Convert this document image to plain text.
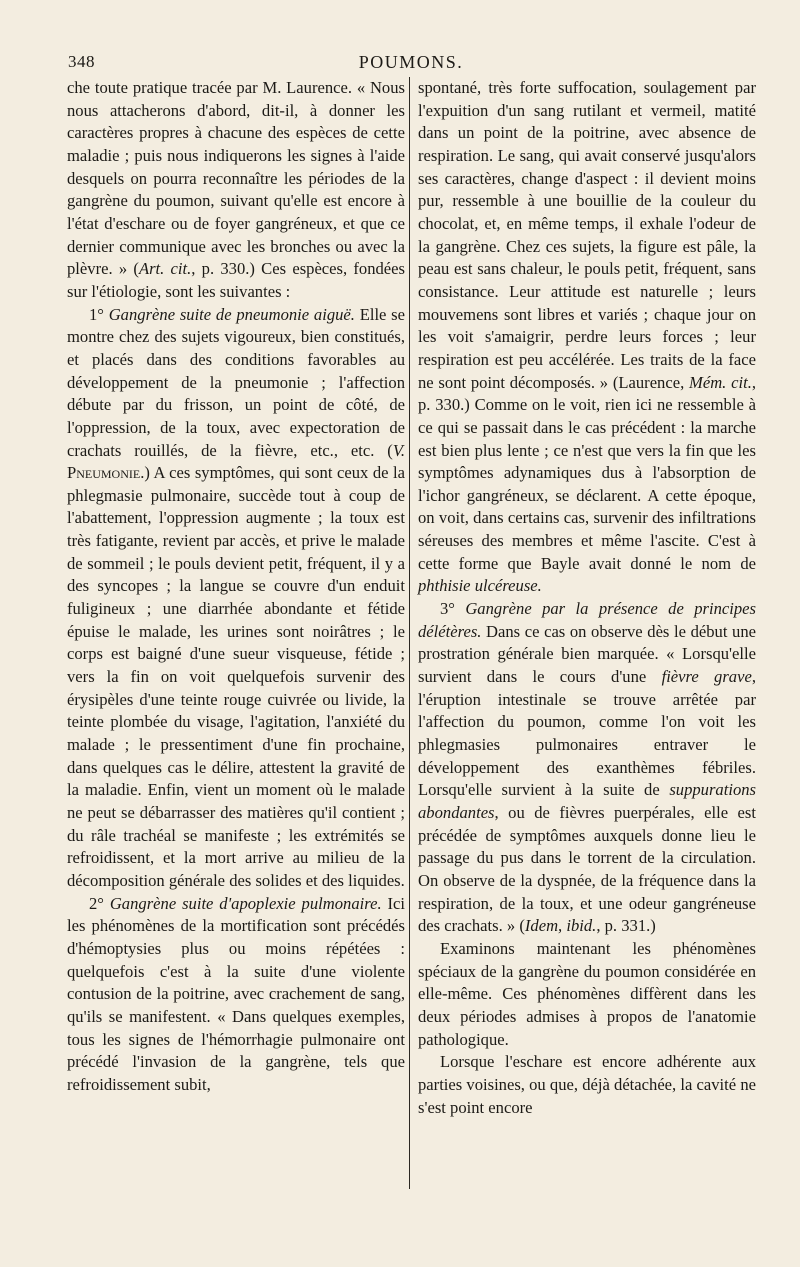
348	POUMONS.

che toute pratique tracée par M. Laurence. « Nous nous attacherons d'abord, dit-il, à donner les caractères propres à chacune des espèces de cette maladie ; puis nous indiquerons les signes à l'aide desquels on pourra reconnaître les périodes de la gangrène du poumon, suivant qu'elle est encore à l'état d'eschare ou de foyer gangréneux, et que ce dernier communique avec les bronches ou avec la plèvre. » (Art. cit., p. 330.) Ces espèces, fondées sur l'étiologie, sont les suivantes :

1° Gangrène suite de pneumonie aiguë. Elle se montre chez des sujets vigoureux, bien constitués, et placés dans des conditions favorables au développement de la pneumonie ; l'affection débute par du frisson, un point de côté, de l'oppression, de la toux, avec expectoration de crachats rouillés, de la fièvre, etc., etc. (V. Pneumonie.) A ces symptômes, qui sont ceux de la phlegmasie pulmonaire, succède tout à coup de l'abattement, l'oppression augmente ; la toux est très fatigante, revient par accès, et prive le malade de sommeil ; le pouls devient petit, fréquent, il y a des syncopes ; la langue se couvre d'un enduit fuligineux ; une diarrhée abondante et fétide épuise le malade, les urines sont noirâtres ; le corps est baigné d'une sueur visqueuse, fétide ; vers la fin on voit quelquefois survenir des érysipèles d'une teinte rouge cuivrée ou livide, la teinte plombée du visage, l'agitation, l'anxiété du malade ; le pressentiment d'une fin prochaine, dans quelques cas le délire, attestent la gravité de la maladie. Enfin, vient un moment où le malade ne peut se débarrasser des matières qu'il contient ; du râle trachéal se manifeste ; les extrémités se refroidissent, et la mort arrive au milieu de la décomposition générale des solides et des liquides.

2° Gangrène suite d'apoplexie pulmonaire. Ici les phénomènes de la mortification sont précédés d'hémoptysies plus ou moins répétées : quelquefois c'est à la suite d'une violente contusion de la poitrine, avec crachement de sang, qu'ils se manifestent. « Dans quelques exemples, tous les signes de l'hémorrhagie pulmonaire ont précédé l'invasion de la gangrène, tels que refroidissement subit,

spontané, très forte suffocation, soulagement par l'expuition d'un sang rutilant et vermeil, matité dans un point de la poitrine, avec absence de respiration. Le sang, qui avait conservé jusqu'alors ses caractères, change d'aspect : il devient moins pur, ressemble à une bouillie de la couleur du chocolat, et, en même temps, il exhale l'odeur de la gangrène. Chez ces sujets, la figure est pâle, la peau est sans chaleur, le pouls petit, fréquent, sans consistance. Leur attitude est naturelle ; leurs mouvemens sont libres et variés ; chaque jour on les voit s'amaigrir, perdre leurs forces ; leur respiration est peu accélérée. Les traits de la face ne sont point décomposés. » (Laurence, Mém. cit., p. 330.) Comme on le voit, rien ici ne ressemble à ce qui se passait dans le cas précédent : la marche est bien plus lente ; ce n'est que vers la fin que les symptômes adynamiques dus à l'absorption de l'ichor gangréneux, se déclarent. A cette époque, on voit, dans certains cas, survenir des infiltrations séreuses des membres et même l'ascite. C'est à cette forme que Bayle avait donné le nom de phthisie ulcéreuse.

3° Gangrène par la présence de principes délétères. Dans ce cas on observe dès le début une prostration générale bien marquée. « Lorsqu'elle survient dans le cours d'une fièvre grave, l'éruption intestinale se trouve arrêtée par l'affection du poumon, comme l'on voit les phlegmasies pulmonaires entraver le développement des exanthèmes fébriles. Lorsqu'elle survient à la suite de suppurations abondantes, ou de fièvres puerpérales, elle est précédée de symptômes auxquels donne lieu le passage du pus dans le torrent de la circulation. On observe de la dyspnée, de la fréquence dans la respiration, de la toux, et une odeur gangréneuse des crachats. » (Idem, ibid., p. 331.)

Examinons maintenant les phénomènes spéciaux de la gangrène du poumon considérée en elle-même. Ces phénomènes diffèrent dans les deux périodes admises à propos de l'anatomie pathologique.

Lorsque l'eschare est encore adhérente aux parties voisines, ou que, déjà détachée, la cavité ne s'est point encore
